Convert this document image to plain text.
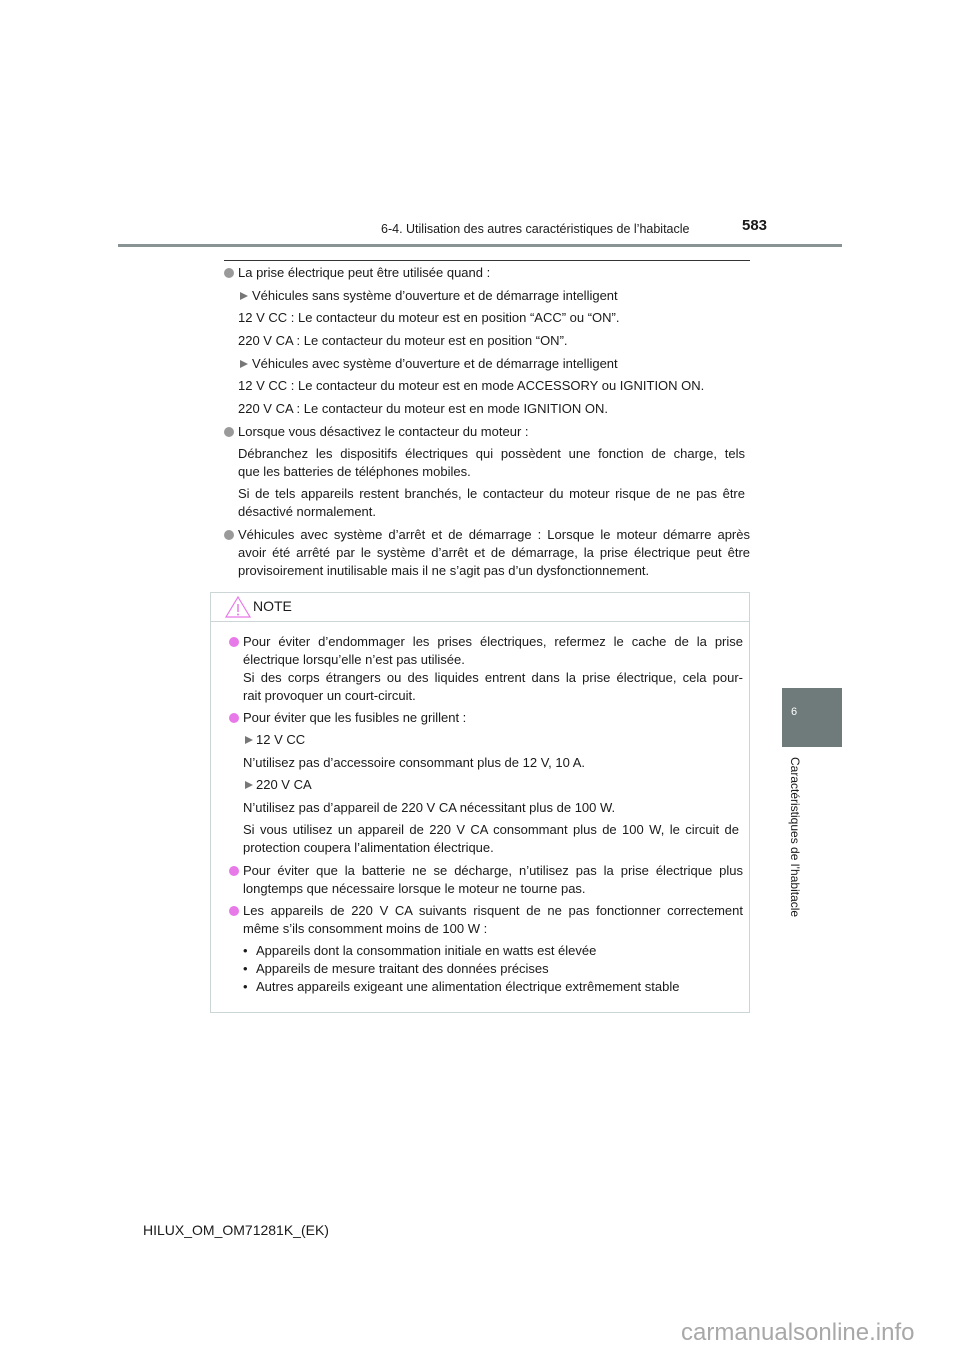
6-4. Utilisation des autres caractéristiques de l’habitacle	583
6
Caractéristiques de l’habitacle
La prise électrique peut être utilisée quand :
Véhicules sans système d’ouverture et de démarrage intelligent
12 V CC : Le contacteur du moteur est en position “ACC” ou “ON”.
220 V CA : Le contacteur du moteur est en position “ON”.
Véhicules avec système d’ouverture et de démarrage intelligent
12 V CC : Le contacteur du moteur est en mode ACCESSORY ou IGNITION ON.
220 V CA : Le contacteur du moteur est en mode IGNITION ON.
Lorsque vous désactivez le contacteur du moteur :
Débranchez les dispositifs électriques qui possèdent une fonction de charge, tels
que les batteries de téléphones mobiles.
Si de tels appareils restent branchés, le contacteur du moteur risque de ne pas être
désactivé normalement.
Véhicules avec système d’arrêt et de démarrage : Lorsque le moteur démarre après
avoir été arrêté par le système d’arrêt et de démarrage, la prise électrique peut être
provisoirement inutilisable mais il ne s’agit pas d’un dysfonctionnement.
NOTE
Pour éviter d’endommager les prises électriques, refermez le cache de la prise
électrique lorsqu’elle n’est pas utilisée.
Si des corps étrangers ou des liquides entrent dans la prise électrique, cela pour-
rait provoquer un court-circuit.
Pour éviter que les fusibles ne grillent :
12 V CC
N’utilisez pas d’accessoire consommant plus de 12 V, 10 A.
220 V CA
N’utilisez pas d’appareil de 220 V CA nécessitant plus de 100 W.
Si vous utilisez un appareil de 220 V CA consommant plus de 100 W, le circuit de
protection coupera l’alimentation électrique.
Pour éviter que la batterie ne se décharge, n’utilisez pas la prise électrique plus
longtemps que nécessaire lorsque le moteur ne tourne pas.
Les appareils de 220 V CA suivants risquent de ne pas fonctionner correctement
même s’ils consomment moins de 100 W :
• Appareils dont la consommation initiale en watts est élevée
• Appareils de mesure traitant des données précises
• Autres appareils exigeant une alimentation électrique extrêmement stable
HILUX_OM_OM71281K_(EK)
carmanualsonline.info
